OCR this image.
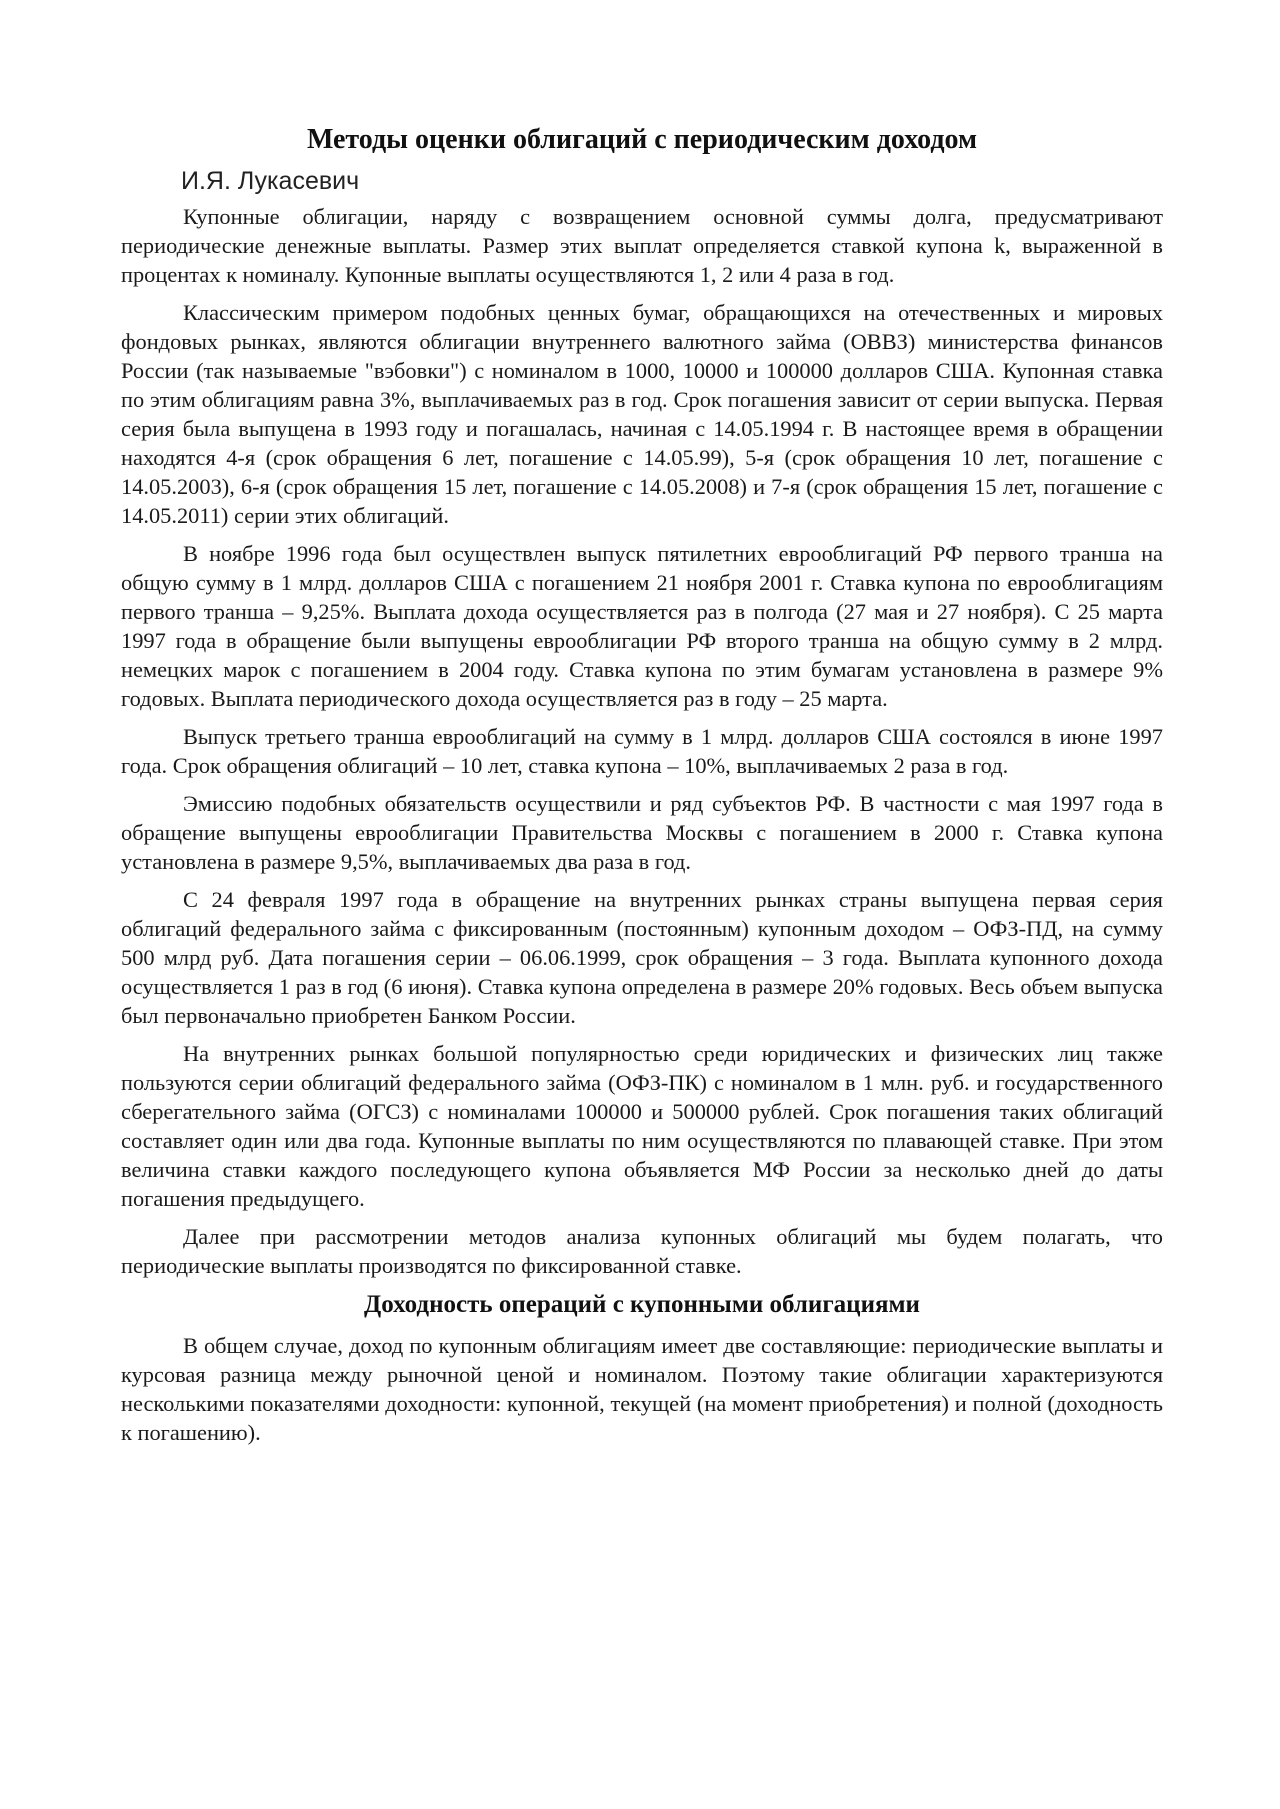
Методы оценки облигаций с периодическим доходом
И.Я. Лукасевич

Купонные облигации, наряду с возвращением основной суммы долга, предусматривают периодические денежные выплаты. Размер этих выплат определяется ставкой купона k, выраженной в процентах к номиналу. Купонные выплаты осуществляются 1, 2 или 4 раза в год.

Классическим примером подобных ценных бумаг, обращающихся на отечественных и мировых фондовых рынках, являются облигации внутреннего валютного займа (ОВВЗ) министерства финансов России (так называемые "вэбовки") с номиналом в 1000, 10000 и 100000 долларов США. Купонная ставка по этим облигациям равна 3%, выплачиваемых раз в год. Срок погашения зависит от серии выпуска. Первая серия была выпущена в 1993 году и погашалась, начиная с 14.05.1994 г. В настоящее время в обращении находятся 4-я (срок обращения 6 лет, погашение с 14.05.99), 5-я (срок обращения 10 лет, погашение с 14.05.2003), 6-я (срок обращения 15 лет, погашение с 14.05.2008) и 7-я (срок обращения 15 лет, погашение с 14.05.2011) серии этих облигаций.

В ноябре 1996 года был осуществлен выпуск пятилетних еврооблигаций РФ первого транша на общую сумму в 1 млрд. долларов США с погашением 21 ноября 2001 г. Ставка купона по еврооблигациям первого транша – 9,25%. Выплата дохода осуществляется раз в полгода (27 мая и 27 ноября). С 25 марта 1997 года в обращение были выпущены еврооблигации РФ второго транша на общую сумму в 2 млрд. немецких марок с погашением в 2004 году. Ставка купона по этим бумагам установлена в размере 9% годовых. Выплата периодического дохода осуществляется раз в году – 25 марта.

Выпуск третьего транша еврооблигаций на сумму в 1 млрд. долларов США состоялся в июне 1997 года. Срок обращения облигаций – 10 лет, ставка купона – 10%, выплачиваемых 2 раза в год.

Эмиссию подобных обязательств осуществили и ряд субъектов РФ. В частности с мая 1997 года в обращение выпущены еврооблигации Правительства Москвы с погашением в 2000 г. Ставка купона установлена в размере 9,5%, выплачиваемых два раза в год.

С 24 февраля 1997 года в обращение на внутренних рынках страны выпущена первая серия облигаций федерального займа с фиксированным (постоянным) купонным доходом – ОФЗ-ПД, на сумму 500 млрд руб. Дата погашения серии – 06.06.1999, срок обращения – 3 года. Выплата купонного дохода осуществляется 1 раз в год (6 июня). Ставка купона определена в размере 20% годовых. Весь объем выпуска был первоначально приобретен Банком России.

На внутренних рынках большой популярностью среди юридических и физических лиц также пользуются серии облигаций федерального займа (ОФЗ-ПК) с номиналом в 1 млн. руб. и государственного сберегательного займа (ОГСЗ) с номиналами 100000 и 500000 рублей. Срок погашения таких облигаций составляет один или два года. Купонные выплаты по ним осуществляются по плавающей ставке. При этом величина ставки каждого последующего купона объявляется МФ России за несколько дней до даты погашения предыдущего.

Далее при рассмотрении методов анализа купонных облигаций мы будем полагать, что периодические выплаты производятся по фиксированной ставке.

Доходность операций с купонными облигациями

В общем случае, доход по купонным облигациям имеет две составляющие: периодические выплаты и курсовая разница между рыночной ценой и номиналом. Поэтому такие облигации характеризуются несколькими показателями доходности: купонной, текущей (на момент приобретения) и полной (доходность к погашению).
